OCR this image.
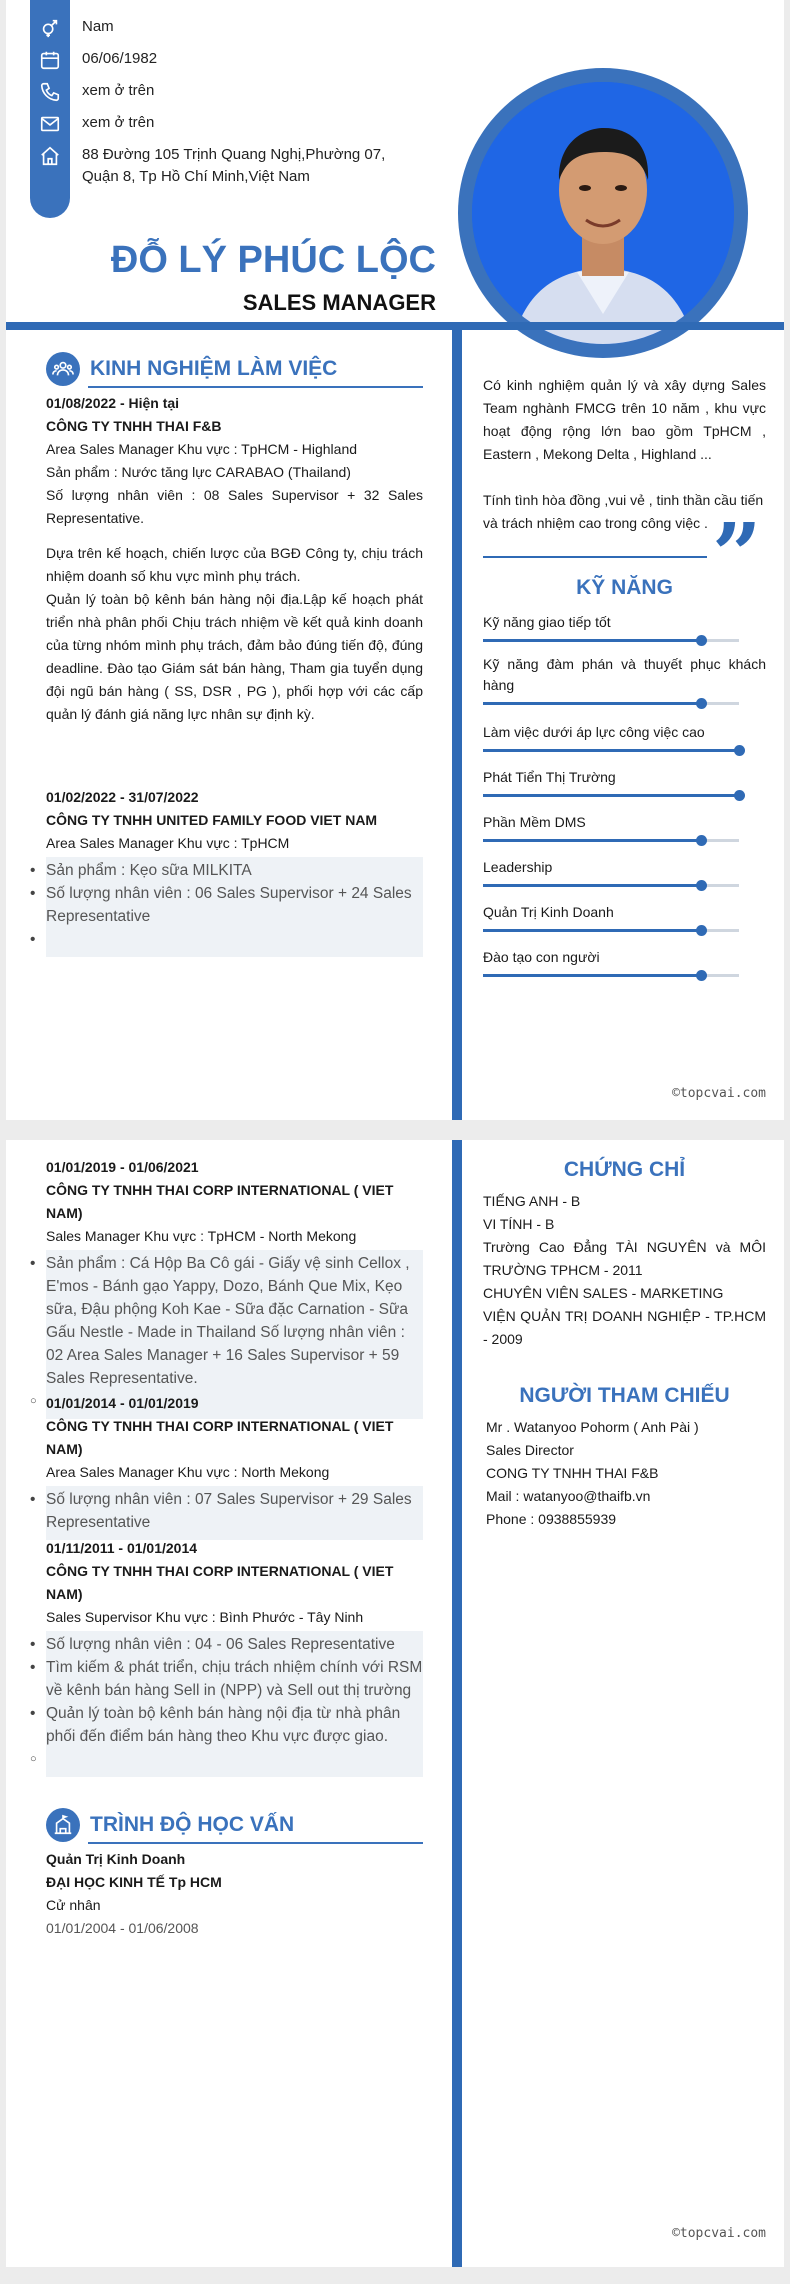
Nam
06/06/1982
xem ở trên
xem ở trên
88 Đường 105 Trịnh Quang Nghị,Phường 07, Quận 8, Tp Hồ Chí Minh,Việt Nam
ĐỖ LÝ PHÚC LỘC
SALES MANAGER
KINH NGHIỆM LÀM VIỆC
01/08/2022 - Hiện tại
CÔNG TY TNHH THAI F&B
Area Sales Manager Khu vực : TpHCM - Highland
Sản phẩm : Nước tăng lực CARABAO (Thailand)

Số lượng nhân viên : 08 Sales Supervisor + 32 Sales Representative.

Dựa trên kế hoạch, chiến lược của BGĐ Công ty, chịu trách nhiệm doanh số khu vực mình phụ trách.

Quản lý toàn bộ kênh bán hàng nội địa.Lập kế hoạch phát triển nhà phân phối Chịu trách nhiệm về kết quả kinh doanh của từng nhóm mình phụ trách, đảm bảo đúng tiến độ, đúng deadline. Đào tạo Giám sát bán hàng, Tham gia tuyển dụng đội ngũ bán hàng ( SS, DSR , PG ), phối hợp với các cấp quản lý đánh giá năng lực nhân sự định kỳ.

01/02/2022 - 31/07/2022
CÔNG TY TNHH UNITED FAMILY FOOD VIET NAM
Area Sales Manager Khu vực : TpHCM
• Sản phẩm : Kẹo sữa MILKITA
• Số lượng nhân viên : 06 Sales Supervisor + 24 Sales Representative
•

Có kinh nghiệm quản lý và xây dựng Sales Team nghành FMCG trên 10 năm , khu vực hoạt động rộng lớn bao gồm TpHCM , Eastern , Mekong Delta , Highland ...

Tính tình hòa đồng ,vui vẻ , tinh thần cầu tiến và trách nhiệm cao trong công việc . ”
KỸ NĂNG
Kỹ năng giao tiếp tốt
Kỹ năng đàm phán và thuyết phục khách hàng
Làm việc dưới áp lực công việc cao
Phát Tiển Thị Trường
Phần Mềm DMS
Leadership
Quản Trị Kinh Doanh
Đào tạo con người
©topcvai.com
01/01/2019 - 01/06/2021
CÔNG TY TNHH THAI CORP INTERNATIONAL ( VIET NAM)
Sales Manager Khu vực : TpHCM - North Mekong
• Sản phẩm : Cá Hộp Ba Cô gái - Giấy vệ sinh Cellox , E'mos - Bánh gạo Yappy, Dozo, Bánh Que Mix, Kẹo sữa, Đậu phộng Koh Kae - Sữa đặc Carnation - Sữa Gấu Nestle - Made in Thailand Số lượng nhân viên : 02 Area Sales Manager + 16 Sales Supervisor + 59 Sales Representative.
○
01/01/2014 - 01/01/2019
CÔNG TY TNHH THAI CORP INTERNATIONAL ( VIET NAM)
Area Sales Manager Khu vực : North Mekong
• Số lượng nhân viên : 07 Sales Supervisor + 29 Sales Representative
01/11/2011 - 01/01/2014
CÔNG TY TNHH THAI CORP INTERNATIONAL ( VIET NAM)
Sales Supervisor Khu vực : Bình Phước - Tây Ninh
• Số lượng nhân viên : 04 - 06 Sales Representative
• Tìm kiếm & phát triển, chịu trách nhiệm chính với RSM về kênh bán hàng Sell in (NPP) và Sell out thị trường
• Quản lý toàn bộ kênh bán hàng nội địa từ nhà phân phối đến điểm bán hàng theo Khu vực được giao.
○
TRÌNH ĐỘ HỌC VẤN
Quản Trị Kinh Doanh
ĐẠI HỌC KINH TẾ Tp HCM
Cử nhân
01/01/2004 - 01/06/2008
CHỨNG CHỈ
TIẾNG ANH - B
VI TÍNH - B
Trường Cao Đẳng TÀI NGUYÊN và MÔI TRƯỜNG TPHCM - 2011
CHUYÊN VIÊN SALES - MARKETING
VIỆN QUẢN TRỊ DOANH NGHIỆP - TP.HCM - 2009
NGƯỜI THAM CHIẾU
Mr . Watanyoo Pohorm ( Anh Pài )
Sales Director
CONG TY TNHH THAI F&B
Mail : watanyoo@thaifb.vn
Phone : 0938855939
©topcvai.com
